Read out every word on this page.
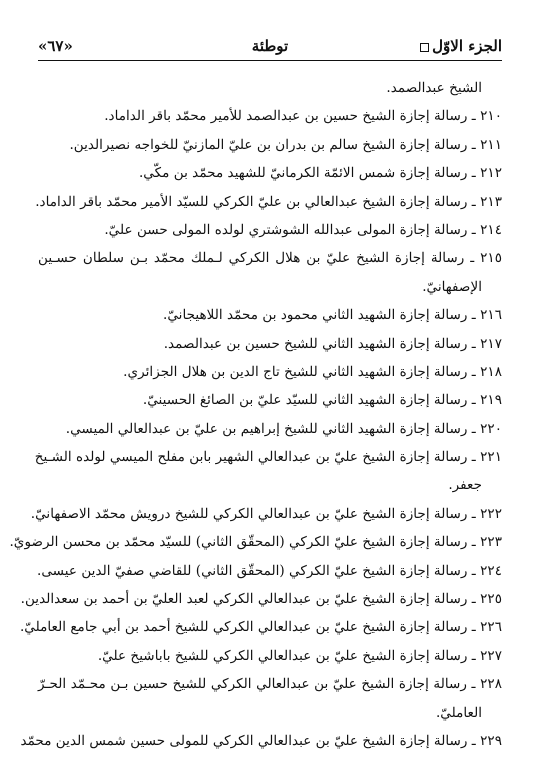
الجزء الاوّل
توطئة
«٦٧»
الشيخ عبدالصمد.
٢١٠ ـ رسالة إجازة الشيخ حسين بن عبدالصمد للأمير محمّد باقر الداماد.
٢١١ ـ رسالة إجازة الشيخ سالم بن بدران بن عليّ المازنيّ للخواجه نصيرالدين.
٢١٢ ـ رسالة إجازة شمس الائمّة الكرمانيّ للشهيد محمّد بن مكّي.
٢١٣ ـ رسالة إجازة الشيخ عبدالعالي بن عليّ الكركي للسيّد الأمير محمّد باقر الداماد.
٢١٤ ـ رسالة إجازة المولى عبدالله الشوشتري لولده المولى حسن عليّ.
٢١٥ ـ رسالة إجازة الشيخ عليّ بن هلال الكركي لـملك محمّد بـن سلطان حسـين
الإصفهانيّ.
٢١٦ ـ رسالة إجازة الشهيد الثاني محمود بن محمّد اللاهيجانيّ.
٢١٧ ـ رسالة إجازة الشهيد الثاني للشيخ حسين بن عبدالصمد.
٢١٨ ـ رسالة إجازة الشهيد الثاني للشيخ تاج الدين بن هلال الجزائري.
٢١٩ ـ رسالة إجازة الشهيد الثاني للسيّد عليّ بن الصائغ الحسينيّ.
٢٢٠ ـ رسالة إجازة الشهيد الثاني للشيخ إبراهيم بن عليّ بن عبدالعالي الميسي.
٢٢١ ـ رسالة إجازة الشيخ عليّ بن عبدالعالي الشهير بابن مفلح الميسي لولده الشـيخ
جعفر.
٢٢٢ ـ رسالة إجازة الشيخ عليّ بن عبدالعالي الكركي للشيخ درويش محمّد الاصفهانيّ.
٢٢٣ ـ رسالة إجازة الشيخ عليّ الكركي (المحقّق الثاني) للسيّد محمّد بن محسن الرضويّ.
٢٢٤ ـ رسالة إجازة الشيخ عليّ الكركي (المحقّق الثاني) للقاضي صفيّ الدين عيسى.
٢٢٥ ـ رسالة إجازة الشيخ عليّ بن عبدالعالي الكركي لعبد العليّ بن أحمد بن سعدالدين.
٢٢٦ ـ رسالة إجازة الشيخ عليّ بن عبدالعالي الكركي للشيخ أحمد بن أبي جامع العامليّ.
٢٢٧ ـ رسالة إجازة الشيخ عليّ بن عبدالعالي الكركي للشيخ باباشيخ عليّ.
٢٢٨ ـ رسالة إجازة الشيخ عليّ بن عبدالعالي الكركي للشيخ حسين بـن محـمّد الحـرّ
العامليّ.
٢٢٩ ـ رسالة إجازة الشيخ عليّ بن عبدالعالي الكركي للمولى حسين شمس الدين محمّد
